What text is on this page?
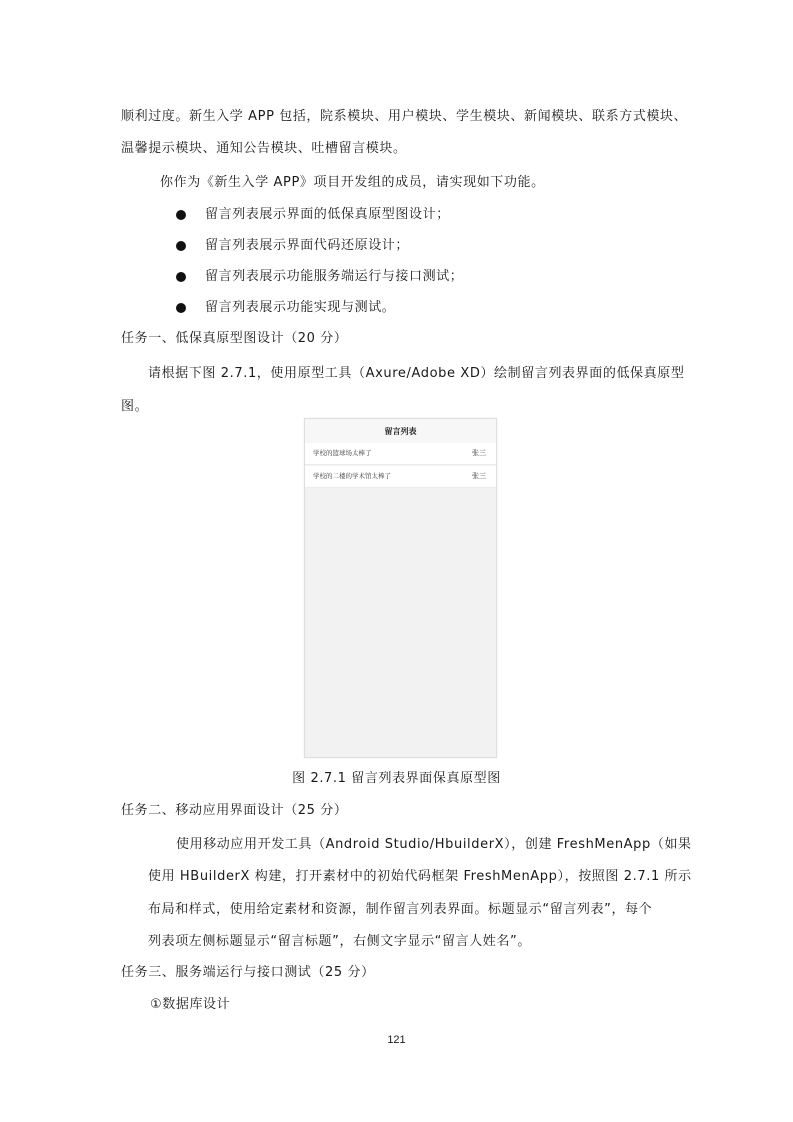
顺利过度。新生入学 APP 包括，院系模块、用户模块、学生模块、新闻模块、联系方式模块、
温馨提示模块、通知公告模块、吐槽留言模块。
你作为《新生入学 APP》项目开发组的成员，请实现如下功能。
留言列表展示界面的低保真原型图设计；
留言列表展示界面代码还原设计；
留言列表展示功能服务端运行与接口测试；
留言列表展示功能实现与测试。
任务一、低保真原型图设计（20 分）
请根据下图 2.7.1，使用原型工具（Axure/Adobe XD）绘制留言列表界面的低保真原型
图。
留言列表
学校的篮球场太棒了	张三
学校的二楼的学术馆太棒了	张三
图 2.7.1 留言列表界面保真原型图
任务二、移动应用界面设计（25 分）
使用移动应用开发工具（Android Studio/HbuilderX），创建 FreshMenApp（如果
使用 HBuilderX 构建，打开素材中的初始代码框架 FreshMenApp），按照图 2.7.1 所示
布局和样式，使用给定素材和资源，制作留言列表界面。标题显示“留言列表”，每个
列表项左侧标题显示“留言标题”，右侧文字显示“留言人姓名”。
任务三、服务端运行与接口测试（25 分）
①数据库设计
121
